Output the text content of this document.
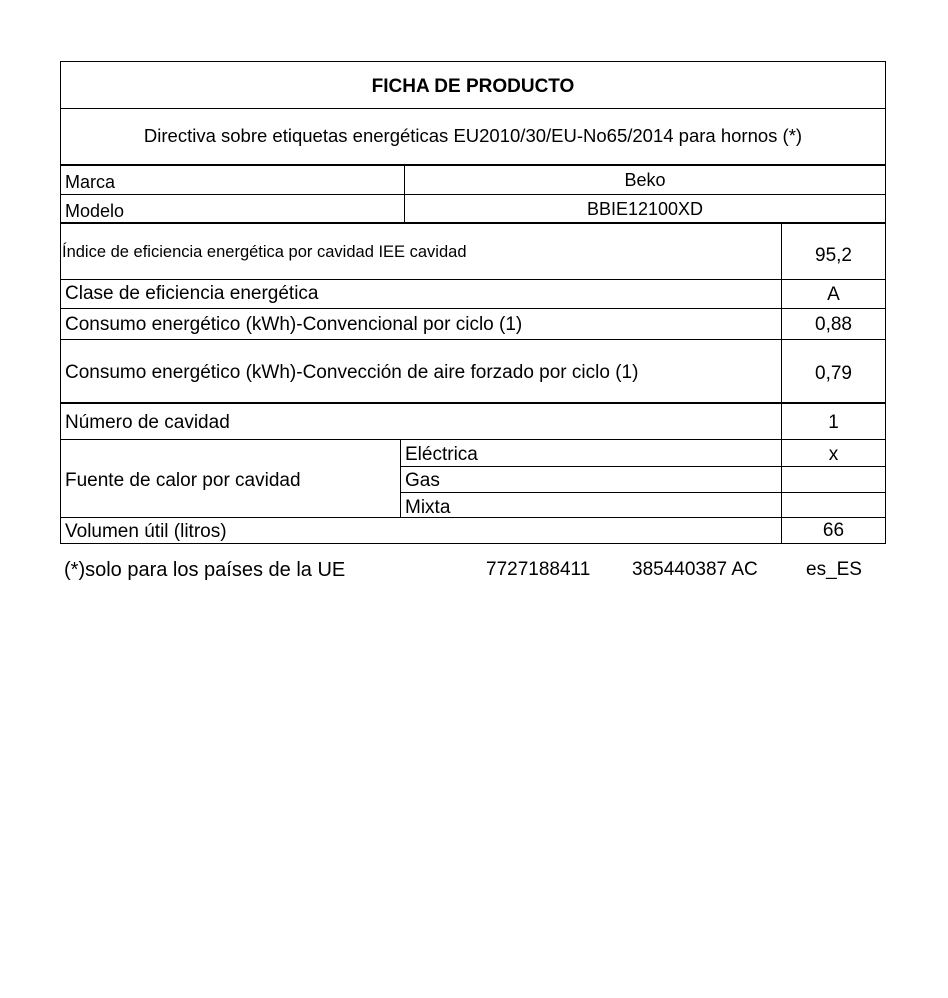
FICHA DE PRODUCTO
Directiva sobre etiquetas energéticas EU2010/30/EU-No65/2014 para hornos (*)
Marca	Beko
Modelo	BBIE12100XD
Índice de eficiencia energética por cavidad IEE cavidad	95,2
Clase de eficiencia energética	A
Consumo energético (kWh)-Convencional por ciclo (1)	0,88
Consumo energético (kWh)-Convección de aire forzado por ciclo (1)	0,79
Número de cavidad	1
Fuente de calor por cavidad
Eléctrica	x
Gas
Mixta
Volumen útil (litros)	66
(*)solo para los países de la UE	7727188411 385440387 AC	es_ES
